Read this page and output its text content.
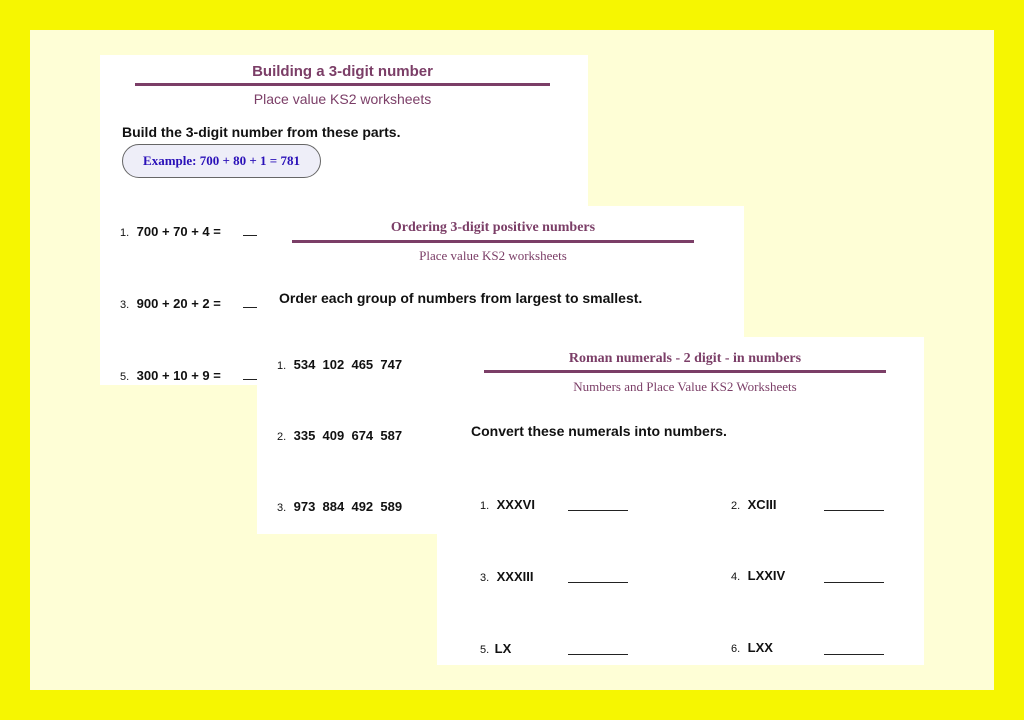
Building a 3-digit number
Place value KS2 worksheets
Build the 3-digit number from these parts.
Example: 700 + 80 + 1 = 781
1. 700 + 70 + 4 =
3. 900 + 20 + 2 =
5. 300 + 10 + 9 =
Ordering 3-digit positive numbers
Place value KS2 worksheets
Order each group of numbers from largest to smallest.
1. 534  102  465  747
2. 335  409  674  587
3. 973  884  492  589
Roman numerals - 2 digit - in numbers
Numbers and Place Value KS2 Worksheets
Convert these numerals into numbers.
1. XXXVI	2. XCIII
3. XXXIII	4. LXXIV
5. LX	6. LXX
